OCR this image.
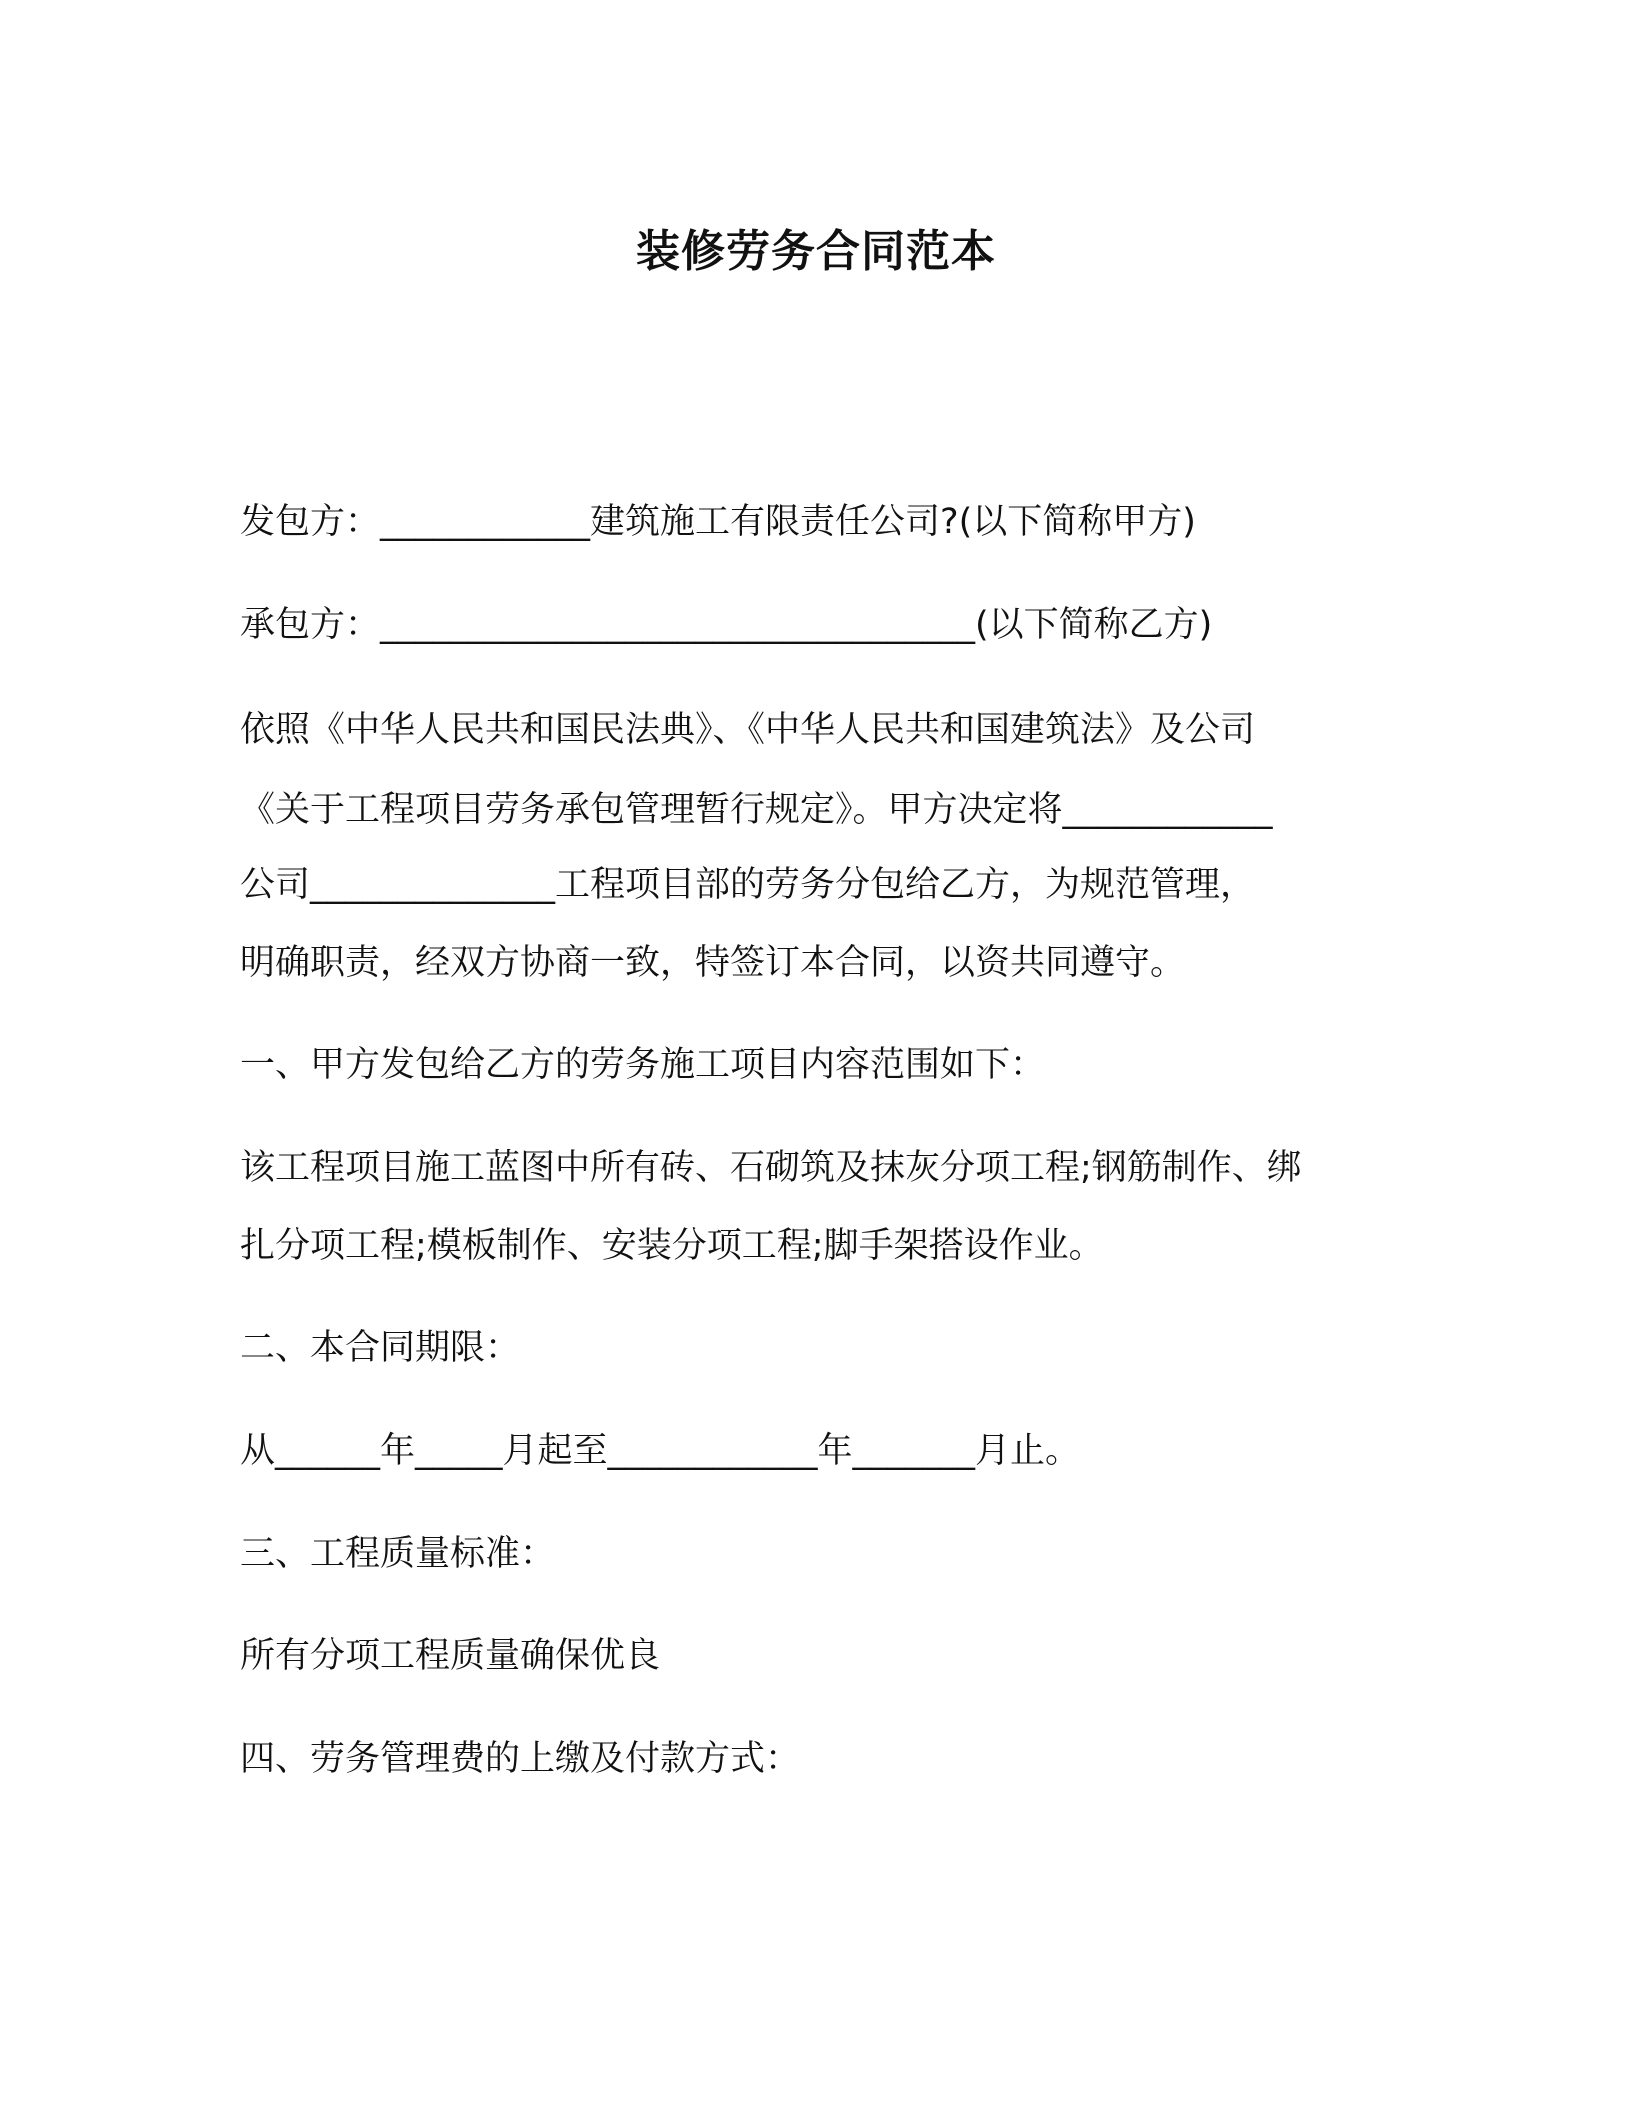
装修劳务合同范本
发包方：____________建筑施工有限责任公司?(以下简称甲方)
承包方：__________________________________(以下简称乙方)
依照《中华人民共和国民法典》、《中华人民共和国建筑法》及公司
《关于工程项目劳务承包管理暂行规定》。甲方决定将____________
公司______________工程项目部的劳务分包给乙方，为规范管理，
明确职责，经双方协商一致，特签订本合同，以资共同遵守。
一、甲方发包给乙方的劳务施工项目内容范围如下：
该工程项目施工蓝图中所有砖、石砌筑及抹灰分项工程;钢筋制作、绑
扎分项工程;模板制作、安装分项工程;脚手架搭设作业。
二、本合同期限：
从______年_____月起至____________年_______月止。
三、工程质量标准：
所有分项工程质量确保优良
四、劳务管理费的上缴及付款方式：
